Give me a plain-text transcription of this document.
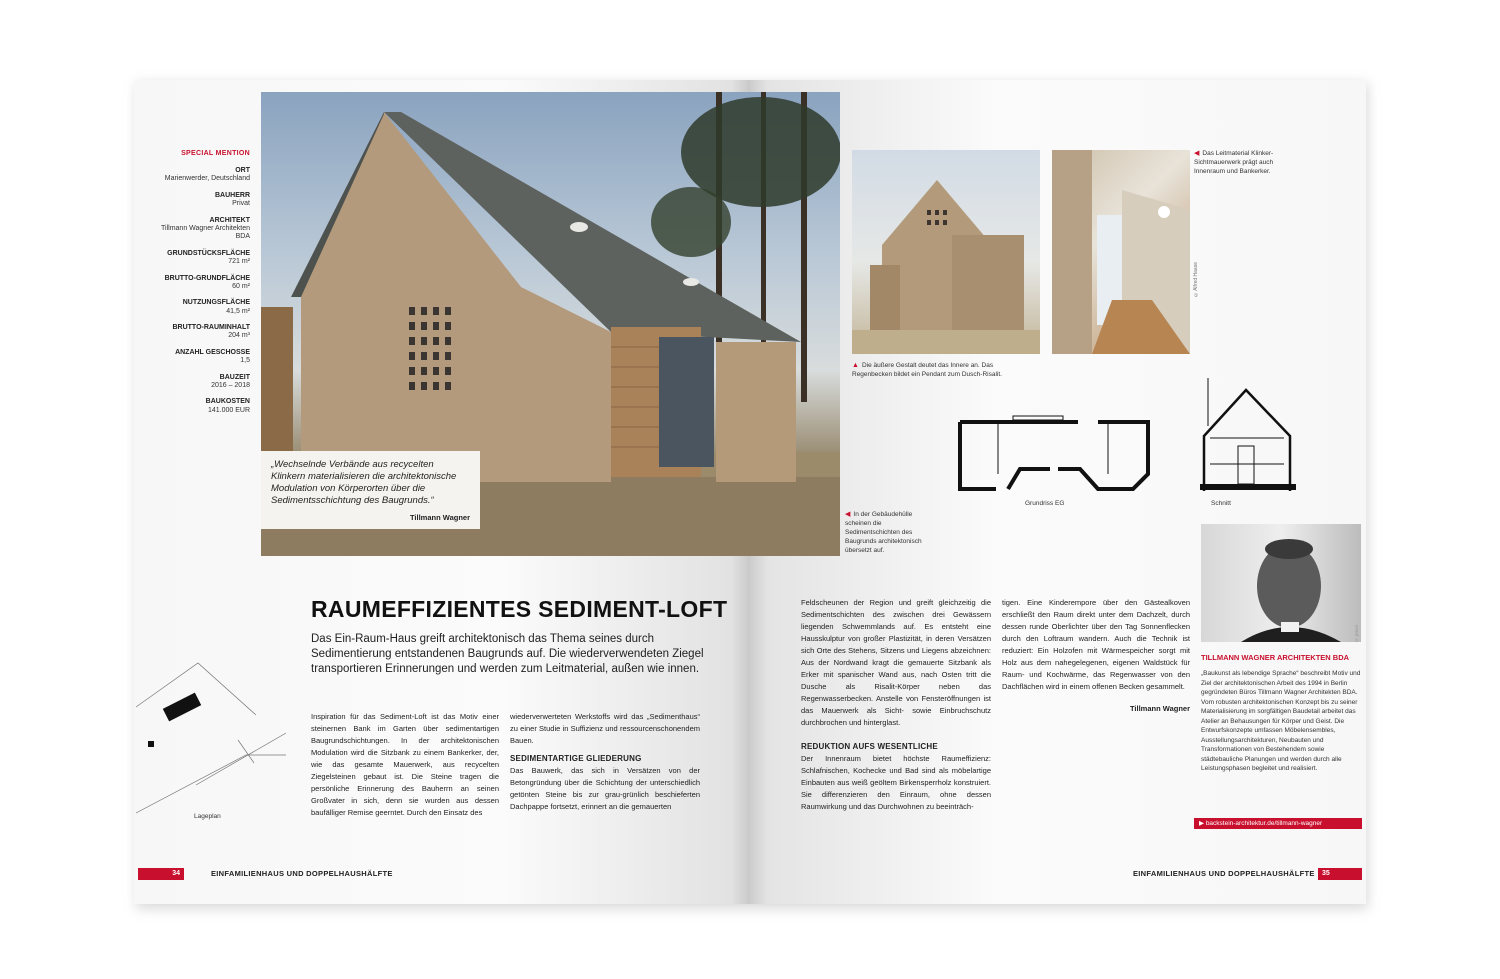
SPECIAL MENTION
ORT
Marienwerder, Deutschland
BAUHERR
Privat
ARCHITEKT
Tillmann Wagner Architekten BDA
GRUNDSTÜCKSFLÄCHE
721 m²
BRUTTO-GRUNDFLÄCHE
60 m²
NUTZUNGSFLÄCHE
41,5 m²
BRUTTO-RAUMINHALT
204 m³
ANZAHL GESCHOSSE
1,5
BAUZEIT
2016 – 2018
BAUKOSTEN
141.000 EUR
„Wechselnde Verbände aus recycelten Klinkern materialisieren die architektonische Modulation von Körperorten über die Sedimentsschichtung des Baugrunds.“
Tillmann Wagner
Lageplan
RAUMEFFIZIENTES SEDIMENT-LOFT
Das Ein-Raum-Haus greift architektonisch das Thema seines durch Sedimentierung entstandenen Baugrunds auf. Die wiederverwendeten Ziegel transportieren Erinnerungen und werden zum Leitmaterial, außen wie innen.
Inspiration für das Sediment-Loft ist das Motiv einer steinernen Bank im Garten über sedimentartigen Baugrundschichtungen. In der architektonischen Modulation wird die Sitzbank zu einem Bankerker, der, wie das gesamte Mauerwerk, aus recycelten Ziegelsteinen gebaut ist. Die Steine tragen die persönliche Erinnerung des Bauherrn an seinen Großvater in sich, denn sie wurden aus dessen baufälliger Remise geerntet. Durch den Einsatz des
wiederverwerteten Werkstoffs wird das „Sedimenthaus“ zu einer Studie in Suffizienz und ressourcenschonendem Bauen.
SEDIMENTARTIGE GLIEDERUNG
Das Bauwerk, das sich in Versätzen von der Betongründung über die Schichtung der unterschiedlich getönten Steine bis zur grau-grünlich beschieferten Dachpappe fortsetzt, erinnert an die gemauerten
34	EINFAMILIENHAUS UND DOPPELHAUSHÄLFTE
©Alfred Haase
▲ Die äußere Gestalt deutet das Innere an. Das Regenbecken bildet ein Pendant zum Dusch-Risalit.
◀ Das Leitmaterial Klinker-Sichtmauerwerk prägt auch Innenraum und Bankerker.
Grundriss EG	Schnitt
◀ In der Gebäudehülle scheinen die Sedimentschichten des Baugrunds architektonisch übersetzt auf.
Feldscheunen der Region und greift gleichzeitig die Sedimentschichten des zwischen drei Gewässern liegenden Schwemmlands auf. Es entsteht eine Hausskulptur von großer Plastizität, in deren Versätzen sich Orte des Stehens, Sitzens und Liegens abzeichnen: Aus der Nordwand kragt die gemauerte Sitzbank als Erker mit spanischer Wand aus, nach Osten tritt die Dusche als Risalit-Körper neben das Regenwasserbecken. Anstelle von Fensteröffnungen ist das Mauerwerk als Sicht- sowie Einbruchschutz durchbrochen und hinterglast.
REDUKTION AUFS WESENTLICHE
Der Innenraum bietet höchste Raumeffizienz: Schlafnischen, Kochecke und Bad sind als möbelartige Einbauten aus weiß geöltem Birkensperrholz konstruiert. Sie differenzieren den Einraum, ohne dessen Raumwirkung und das Durchwohnen zu beeinträch-
tigen. Eine Kinderempore über den Gästealkoven erschließt den Raum direkt unter dem Dachzelt, durch dessen runde Oberlichter über den Tag Sonnenflecken durch den Loftraum wandern. Auch die Technik ist reduziert: Ein Holzofen mit Wärmespeicher sorgt mit Holz aus dem nahegelegenen, eigenen Waldstück für Raum- und Kochwärme, das Regenwasser von den Dachflächen wird in einem offenen Becken gesammelt.
Tillmann Wagner
© privat
TILLMANN WAGNER ARCHITEKTEN BDA
„Baukunst als lebendige Sprache“ beschreibt Motiv und Ziel der architektonischen Arbeit des 1994 in Berlin gegründeten Büros Tillmann Wagner Architekten BDA. Vom robusten architektonischen Konzept bis zu seiner Materialisierung im sorgfältigen Baudetail arbeitet das Atelier an Behausungen für Körper und Geist. Die Entwurfskonzepte umfassen Möbelensembles, Ausstellungsarchitekturen, Neubauten und Transformationen von Bestehendem sowie städtebauliche Planungen und werden durch alle Leistungsphasen begleitet und realisiert.
▶ backstein-architektur.de/tillmann-wagner
EINFAMILIENHAUS UND DOPPELHAUSHÄLFTE	35
